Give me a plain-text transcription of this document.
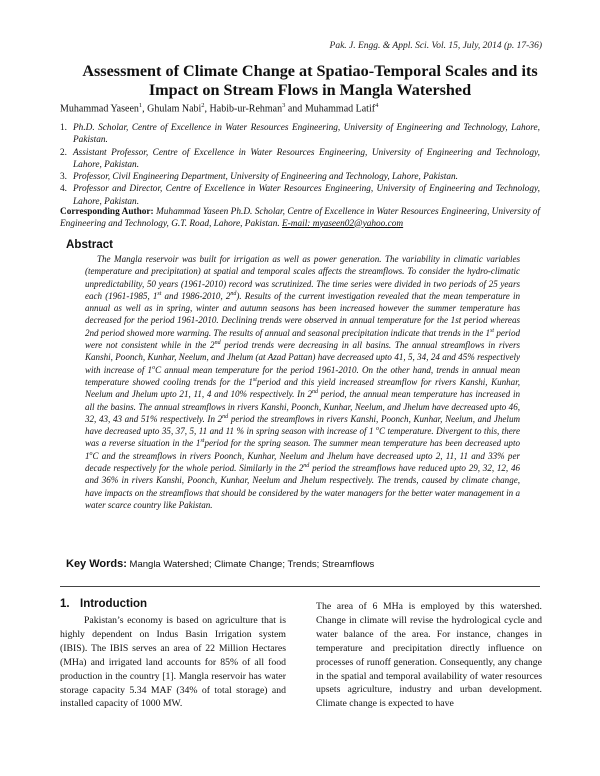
Pak. J. Engg. & Appl. Sci. Vol. 15, July, 2014 (p. 17-36)
Assessment of Climate Change at Spatiao-Temporal Scales and its Impact on Stream Flows in Mangla Watershed
Muhammad Yaseen$^1$, Ghulam Nabi$^2$, Habib-ur-Rehman$^3$ and Muhammad Latif$^4$
1. Ph.D. Scholar, Centre of Excellence in Water Resources Engineering, University of Engineering and Technology, Lahore, Pakistan.
2. Assistant Professor, Centre of Excellence in Water Resources Engineering, University of Engineering and Technology, Lahore, Pakistan.
3. Professor, Civil Engineering Department, University of Engineering and Technology, Lahore, Pakistan.
4. Professor and Director, Centre of Excellence in Water Resources Engineering, University of Engineering and Technology, Lahore, Pakistan.
Corresponding Author: Muhammad Yaseen Ph.D. Scholar, Centre of Excellence in Water Resources Engineering, University of Engineering and Technology, G.T. Road, Lahore, Pakistan. E-mail: myaseen02@yahoo.com
Abstract

The Mangla reservoir was built for irrigation as well as power generation. The variability in climatic variables (temperature and precipitation) at spatial and temporal scales affects the streamflows. To consider the hydro-climatic unpredictability, 50 years (1961-2010) record was scrutinized. The time series were divided in two periods of 25 years each (1961-1985, 1st and 1986-2010, 2nd). Results of the current investigation revealed that the mean temperature in annual as well as in spring, winter and autumn seasons has been increased however the summer temperature has decreased for the period 1961-2010. Declining trends were observed in annual temperature for the 1st period whereas 2nd period showed more warming. The results of annual and seasonal precipitation indicate that trends in the 1st period were not consistent while in the 2nd period trends were decreasing in all basins. The annual streamflows in rivers Kanshi, Poonch, Kunhar, Neelum, and Jhelum (at Azad Pattan) have decreased upto 41, 5, 34, 24 and 45% respectively with increase of 1$^o$C annual mean temperature for the period 1961-2010. On the other hand, trends in annual mean temperature showed cooling trends for the 1stperiod and this yield increased streamflow for rivers Kanshi, Kunhar, Neelum and Jhelum upto 21, 11, 4 and 10% respectively. In 2nd period, the annual mean temperature has increased in all the basins. The annual streamflows in rivers Kanshi, Poonch, Kunhar, Neelum, and Jhelum have decreased upto 46, 32, 43, 43 and 51% respectively. In 2nd period the streamflows in rivers Kanshi, Poonch, Kunhar, Neelum, and Jhelum have decreased upto 35, 37, 5, 11 and 11 % in spring season with increase of 1 $^o$C temperature. Divergent to this, there was a reverse situation in the 1stperiod for the spring season. The summer mean temperature has been decreased upto 1$^o$C and the streamflows in rivers Poonch, Kunhar, Neelum and Jhelum have decreased upto 2, 11, 11 and 33% per decade respectively for the whole period. Similarly in the 2nd period the streamflows have reduced upto 29, 32, 12, 46 and 36% in rivers Kanshi, Poonch, Kunhar, Neelum and Jhelum respectively. The trends, caused by climate change, have impacts on the streamflows that should be considered by the water managers for the better water management in a water scarce country like Pakistan.

Key Words: Mangla Watershed; Climate Change; Trends; Streamflows
1. Introduction

Pakistan’s economy is based on agriculture that is highly dependent on Indus Basin Irrigation system (IBIS). The IBIS serves an area of 22 Million Hectares (MHa) and irrigated land accounts for 85% of all food production in the country [1]. Mangla reservoir has water storage capacity 5.34 MAF (34% of total storage) and installed capacity of 1000 MW.

The area of 6 MHa is employed by this watershed. Change in climate will revise the hydrological cycle and water balance of the area. For instance, changes in temperature and precipitation directly influence on processes of runoff generation. Consequently, any change in the spatial and temporal availability of water resources upsets agriculture, industry and urban development. Climate change is expected to have
